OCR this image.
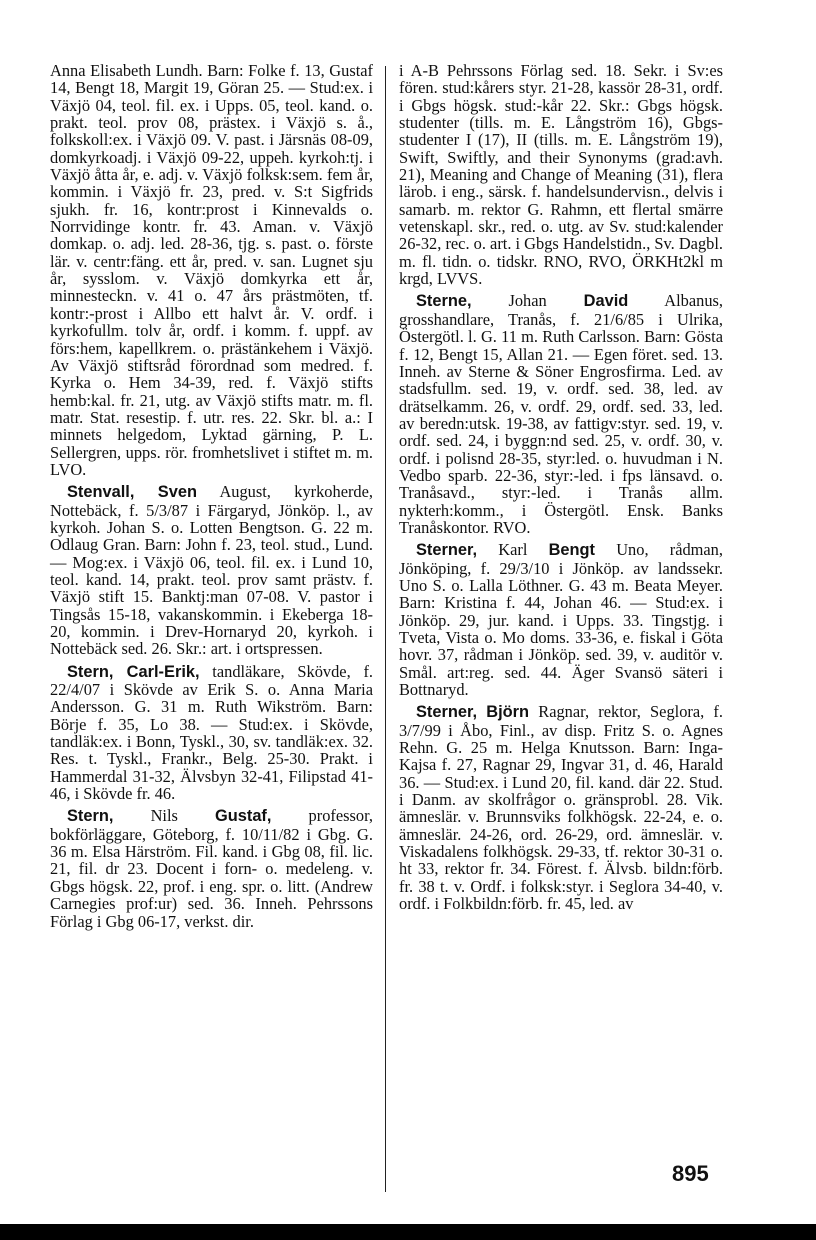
Anna Elisabeth Lundh. Barn: Folke f. 13, Gustaf 14, Bengt 18, Margit 19, Göran 25. — Stud:ex. i Växjö 04, teol. fil. ex. i Upps. 05, teol. kand. o. prakt. teol. prov 08, prästex. i Växjö s. å., folkskoll:ex. i Växjö 09. V. past. i Järsnäs 08-09, domkyrkoadj. i Växjö 09-22, uppeh. kyrkoh:tj. i Växjö åtta år, e. adj. v. Växjö folksk:sem. fem år, kommin. i Växjö fr. 23, pred. v. S:t Sigfrids sjukh. fr. 16, kontr:prost i Kinnevalds o. Norrvidinge kontr. fr. 43. Aman. v. Växjö domkap. o. adj. led. 28-36, tjg. s. past. o. förste lär. v. centr:fäng. ett år, pred. v. san. Lugnet sju år, sysslom. v. Växjö domkyrka ett år, minnesteckn. v. 41 o. 47 års prästmöten, tf. kontr:-prost i Allbo ett halvt år. V. ordf. i kyrkofullm. tolv år, ordf. i komm. f. uppf. av förs:hem, kapellkrem. o. prästänkehem i Växjö. Av Växjö stiftsråd förordnad som medred. f. Kyrka o. Hem 34-39, red. f. Växjö stifts hemb:kal. fr. 21, utg. av Växjö stifts matr. m. fl. matr. Stat. resestip. f. utr. res. 22. Skr. bl. a.: I minnets helgedom, Lyktad gärning, P. L. Sellergren, upps. rör. fromhetslivet i stiftet m. m. LVO.

Stenvall, Sven August, kyrkoherde, Nottebäck, f. 5/3/87 i Färgaryd, Jönköp. l., av kyrkoh. Johan S. o. Lotten Bengtson. G. 22 m. Odlaug Gran. Barn: John f. 23, teol. stud., Lund. — Mog:ex. i Växjö 06, teol. fil. ex. i Lund 10, teol. kand. 14, prakt. teol. prov samt prästv. f. Växjö stift 15. Banktj:man 07-08. V. pastor i Tingsås 15-18, vakanskommin. i Ekeberga 18-20, kommin. i Drev-Hornaryd 20, kyrkoh. i Nottebäck sed. 26. Skr.: art. i ortspressen.

Stern, Carl-Erik, tandläkare, Skövde, f. 22/4/07 i Skövde av Erik S. o. Anna Maria Andersson. G. 31 m. Ruth Wikström. Barn: Börje f. 35, Lo 38. — Stud:ex. i Skövde, tandläk:ex. i Bonn, Tyskl., 30, sv. tandläk:ex. 32. Res. t. Tyskl., Frankr., Belg. 25-30. Prakt. i Hammerdal 31-32, Älvsbyn 32-41, Filipstad 41-46, i Skövde fr. 46.

Stern, Nils Gustaf, professor, bokförläggare, Göteborg, f. 10/11/82 i Gbg. G. 36 m. Elsa Härström. Fil. kand. i Gbg 08, fil. lic. 21, fil. dr 23. Docent i forn- o. medeleng. v. Gbgs högsk. 22, prof. i eng. spr. o. litt. (Andrew Carnegies prof:ur) sed. 36. Inneh. Pehrssons Förlag i Gbg 06-17, verkst. dir.

i A-B Pehrssons Förlag sed. 18. Sekr. i Sv:es fören. stud:kårers styr. 21-28, kassör 28-31, ordf. i Gbgs högsk. stud:-kår 22. Skr.: Gbgs högsk. studenter (tills. m. E. Långström 16), Gbgs-studenter I (17), II (tills. m. E. Långström 19), Swift, Swiftly, and their Synonyms (grad:avh. 21), Meaning and Change of Meaning (31), flera lärob. i eng., särsk. f. handelsundervisn., delvis i samarb. m. rektor G. Rahmn, ett flertal smärre vetenskapl. skr., red. o. utg. av Sv. stud:kalender 26-32, rec. o. art. i Gbgs Handelstidn., Sv. Dagbl. m. fl. tidn. o. tidskr. RNO, RVO, ÖRKHt2kl m krgd, LVVS.

Sterne, Johan David Albanus, grosshandlare, Tranås, f. 21/6/85 i Ulrika, Östergötl. l. G. 11 m. Ruth Carlsson. Barn: Gösta f. 12, Bengt 15, Allan 21. — Egen föret. sed. 13. Inneh. av Sterne & Söner Engrosfirma. Led. av stadsfullm. sed. 19, v. ordf. sed. 38, led. av drätselkamm. 26, v. ordf. 29, ordf. sed. 33, led. av beredn:utsk. 19-38, av fattigv:styr. sed. 19, v. ordf. sed. 24, i byggn:nd sed. 25, v. ordf. 30, v. ordf. i polisnd 28-35, styr:led. o. huvudman i N. Vedbo sparb. 22-36, styr:-led. i fps länsavd. o. Tranåsavd., styr:-led. i Tranås allm. nykterh:komm., i Östergötl. Ensk. Banks Tranåskontor. RVO.

Sterner, Karl Bengt Uno, rådman, Jönköping, f. 29/3/10 i Jönköp. av landssekr. Uno S. o. Lalla Löthner. G. 43 m. Beata Meyer. Barn: Kristina f. 44, Johan 46. — Stud:ex. i Jönköp. 29, jur. kand. i Upps. 33. Tingstjg. i Tveta, Vista o. Mo doms. 33-36, e. fiskal i Göta hovr. 37, rådman i Jönköp. sed. 39, v. auditör v. Smål. art:reg. sed. 44. Äger Svansö säteri i Bottnaryd.

Sterner, Björn Ragnar, rektor, Seglora, f. 3/7/99 i Åbo, Finl., av disp. Fritz S. o. Agnes Rehn. G. 25 m. Helga Knutsson. Barn: Inga-Kajsa f. 27, Ragnar 29, Ingvar 31, d. 46, Harald 36. — Stud:ex. i Lund 20, fil. kand. där 22. Stud. i Danm. av skolfrågor o. gränsprobl. 28. Vik. ämneslär. v. Brunnsviks folkhögsk. 22-24, e. o. ämneslär. 24-26, ord. 26-29, ord. ämneslär. v. Viskadalens folkhögsk. 29-33, tf. rektor 30-31 o. ht 33, rektor fr. 34. Förest. f. Älvsb. bildn:förb. fr. 38 t. v. Ordf. i folksk:styr. i Seglora 34-40, v. ordf. i Folkbildn:förb. fr. 45, led. av

895
